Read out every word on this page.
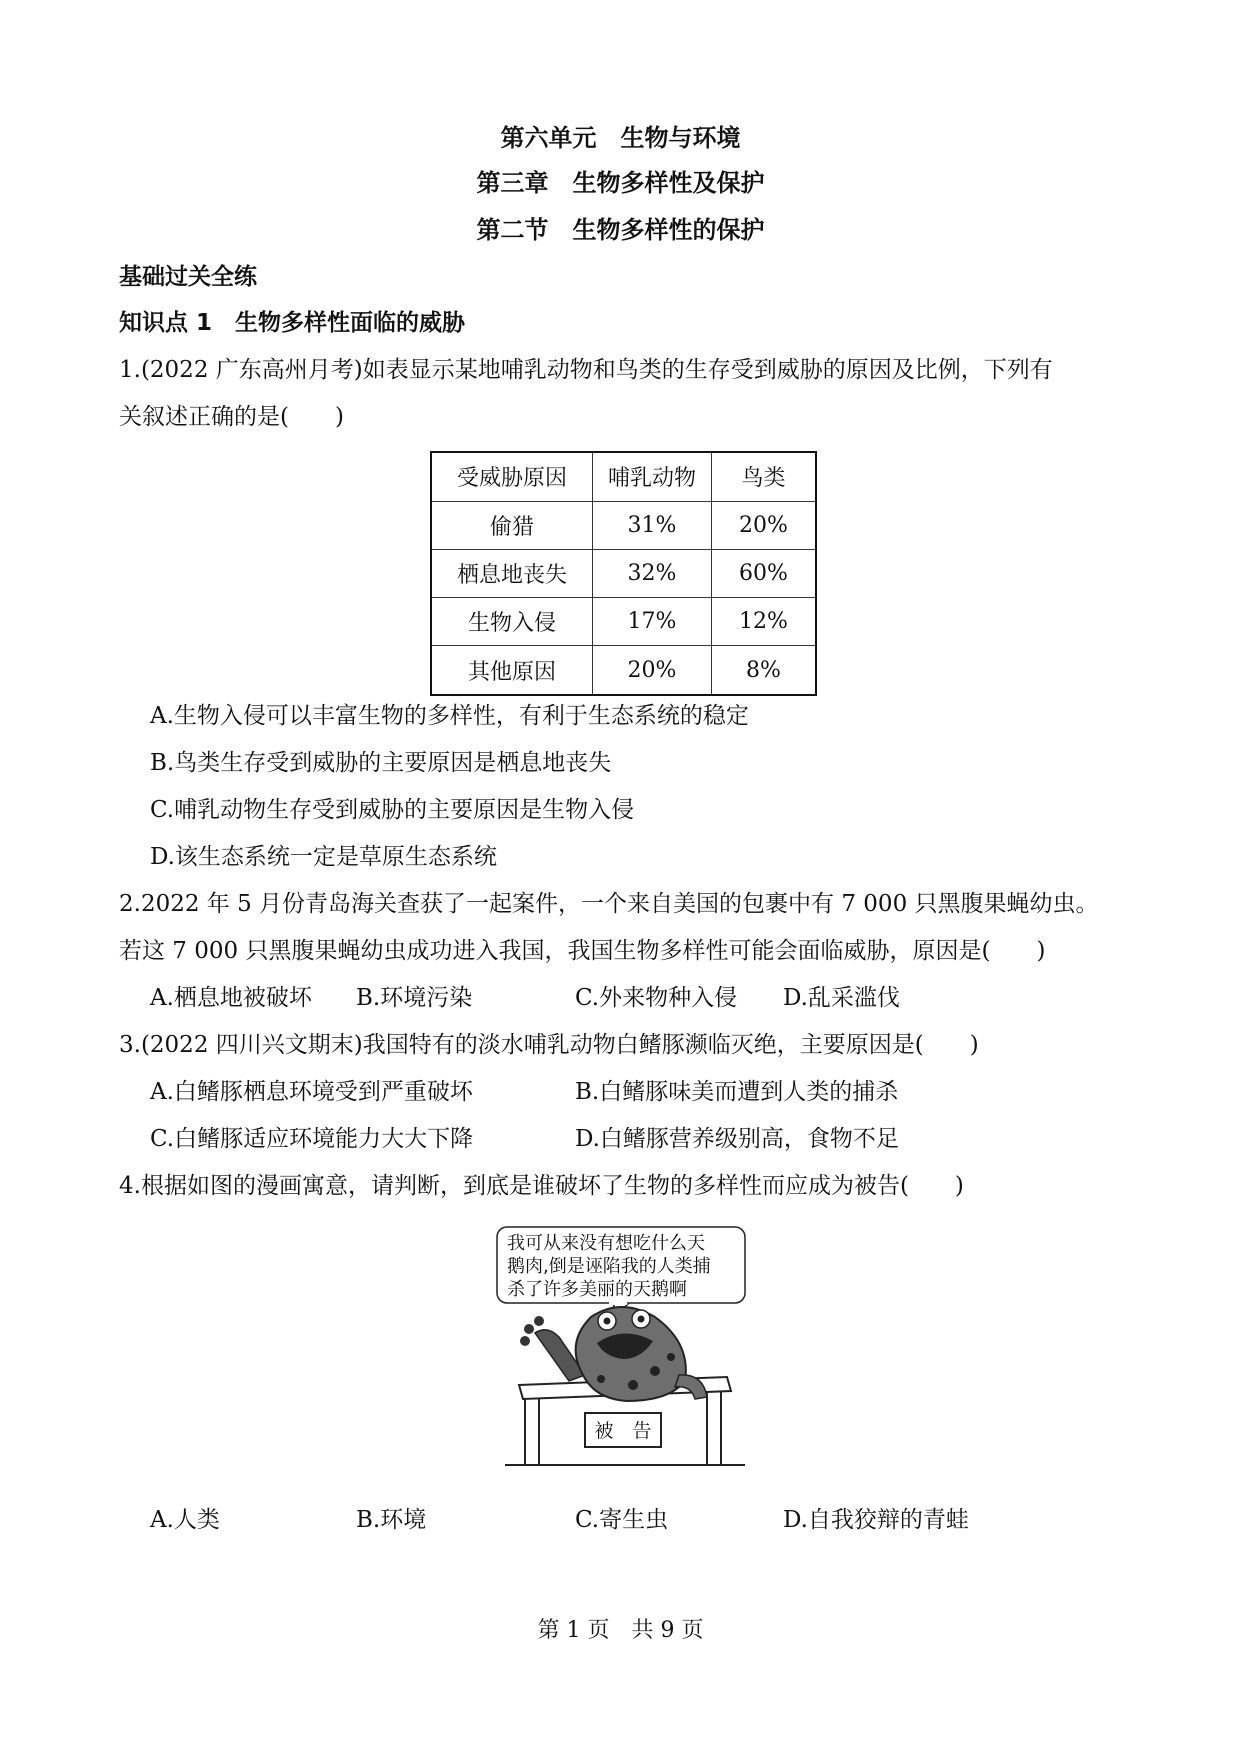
第六单元　生物与环境
第三章　生物多样性及保护
第二节　生物多样性的保护
基础过关全练
知识点 1　生物多样性面临的威胁
1.(2022 广东高州月考)如表显示某地哺乳动物和鸟类的生存受到威胁的原因及比例，下列有
关叙述正确的是(　　)
受威胁原因	哺乳动物	鸟类
偷猎	31%	20%
栖息地丧失	32%	60%
生物入侵	17%	12%
其他原因	20%	8%
A.生物入侵可以丰富生物的多样性，有利于生态系统的稳定
B.鸟类生存受到威胁的主要原因是栖息地丧失
C.哺乳动物生存受到威胁的主要原因是生物入侵
D.该生态系统一定是草原生态系统
2.2022 年 5 月份青岛海关查获了一起案件，一个来自美国的包裹中有 7 000 只黑腹果蝇幼虫。
若这 7 000 只黑腹果蝇幼虫成功进入我国，我国生物多样性可能会面临威胁，原因是(　　)
A.栖息地被破坏 B.环境污染	C.外来物种入侵 D.乱采滥伐
3.(2022 四川兴文期末)我国特有的淡水哺乳动物白鳍豚濒临灭绝，主要原因是(　　)
A.白鳍豚栖息环境受到严重破坏	B.白鳍豚味美而遭到人类的捕杀
C.白鳍豚适应环境能力大大下降	D.白鳍豚营养级别高，食物不足
4.根据如图的漫画寓意，请判断，到底是谁破坏了生物的多样性而应成为被告(　　)
我可从来没有想吃什么天
鹅肉,倒是诬陷我的人类捕
杀了许多美丽的天鹅啊
被　告
A.人类	B.环境	C.寄生虫	D.自我狡辩的青蛙
第 1 页　共 9 页
